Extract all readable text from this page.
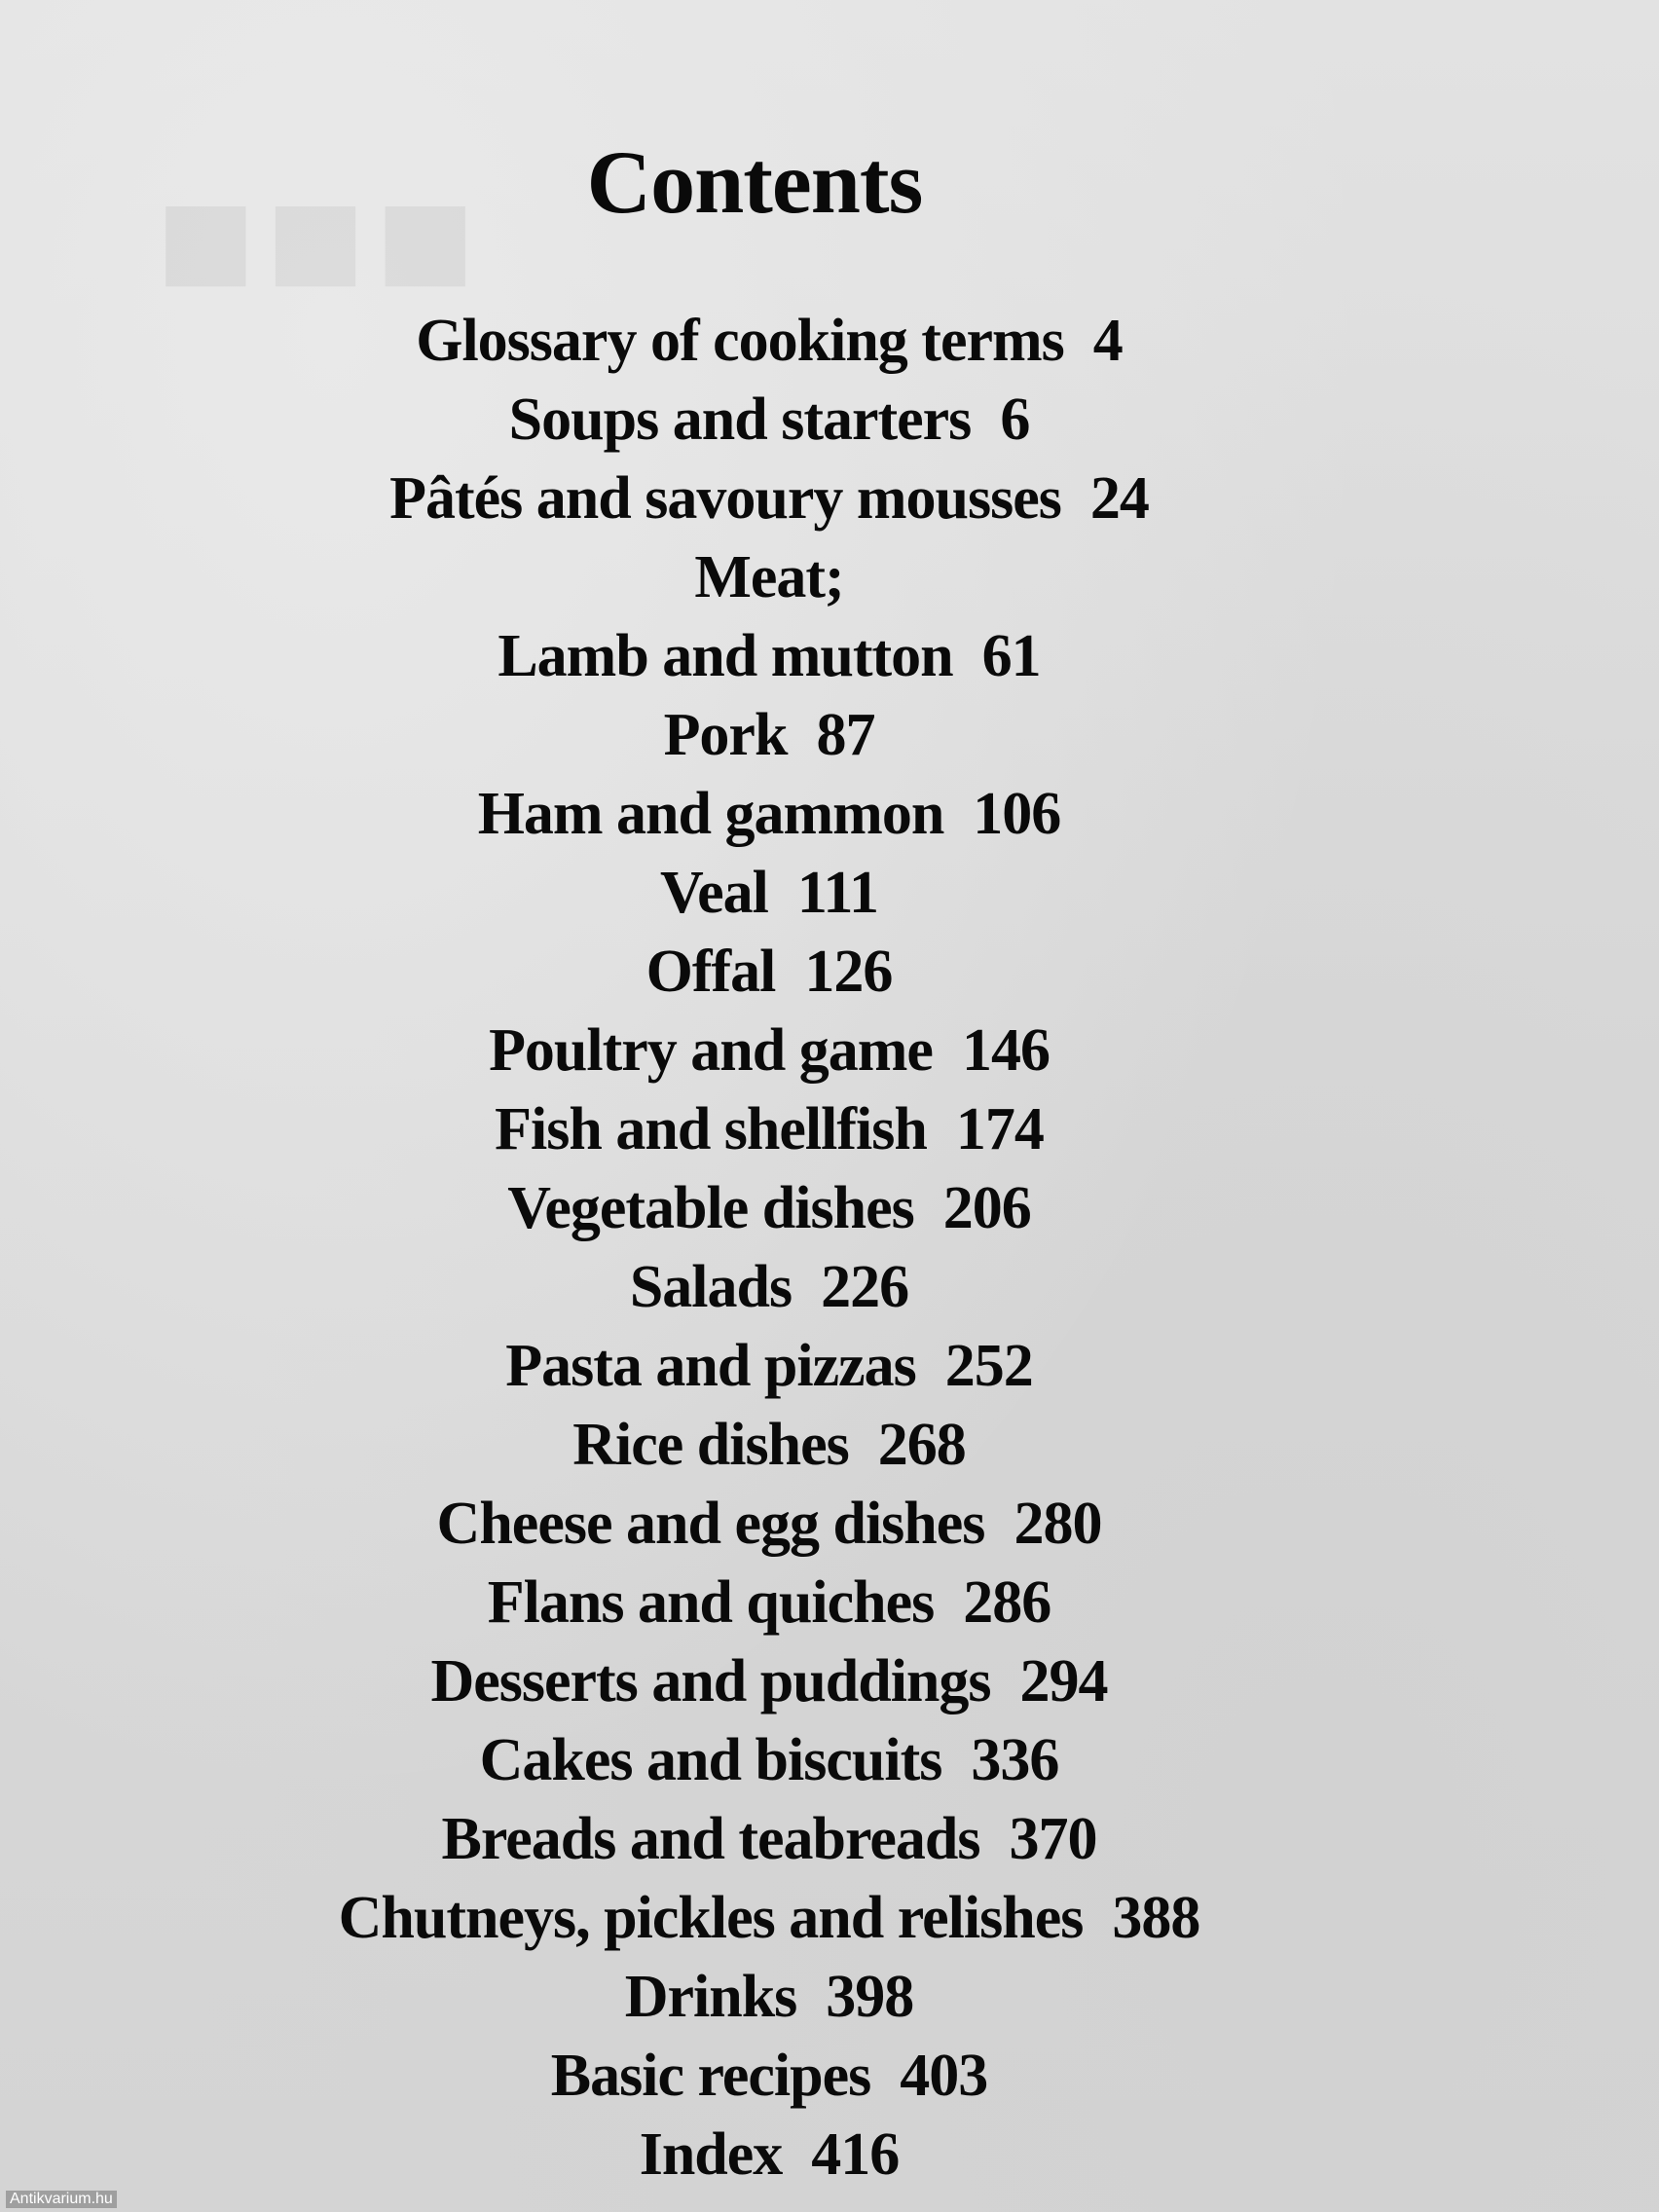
■■■	Contents
Glossary of cooking terms 4
Soups and starters 6
Pâtés and savoury mousses 24
Meat;
Lamb and mutton 61
Pork 87
Ham and gammon 106
Veal 111
Offal 126
Poultry and game 146
Fish and shellfish 174
Vegetable dishes 206
Salads 226
Pasta and pizzas 252
Rice dishes 268
Cheese and egg dishes 280
Flans and quiches 286
Desserts and puddings 294
Cakes and biscuits 336
Breads and teabreads 370
Chutneys, pickles and relishes 388
Drinks 398
Basic recipes 403
Index 416
Antikvarium.hu
